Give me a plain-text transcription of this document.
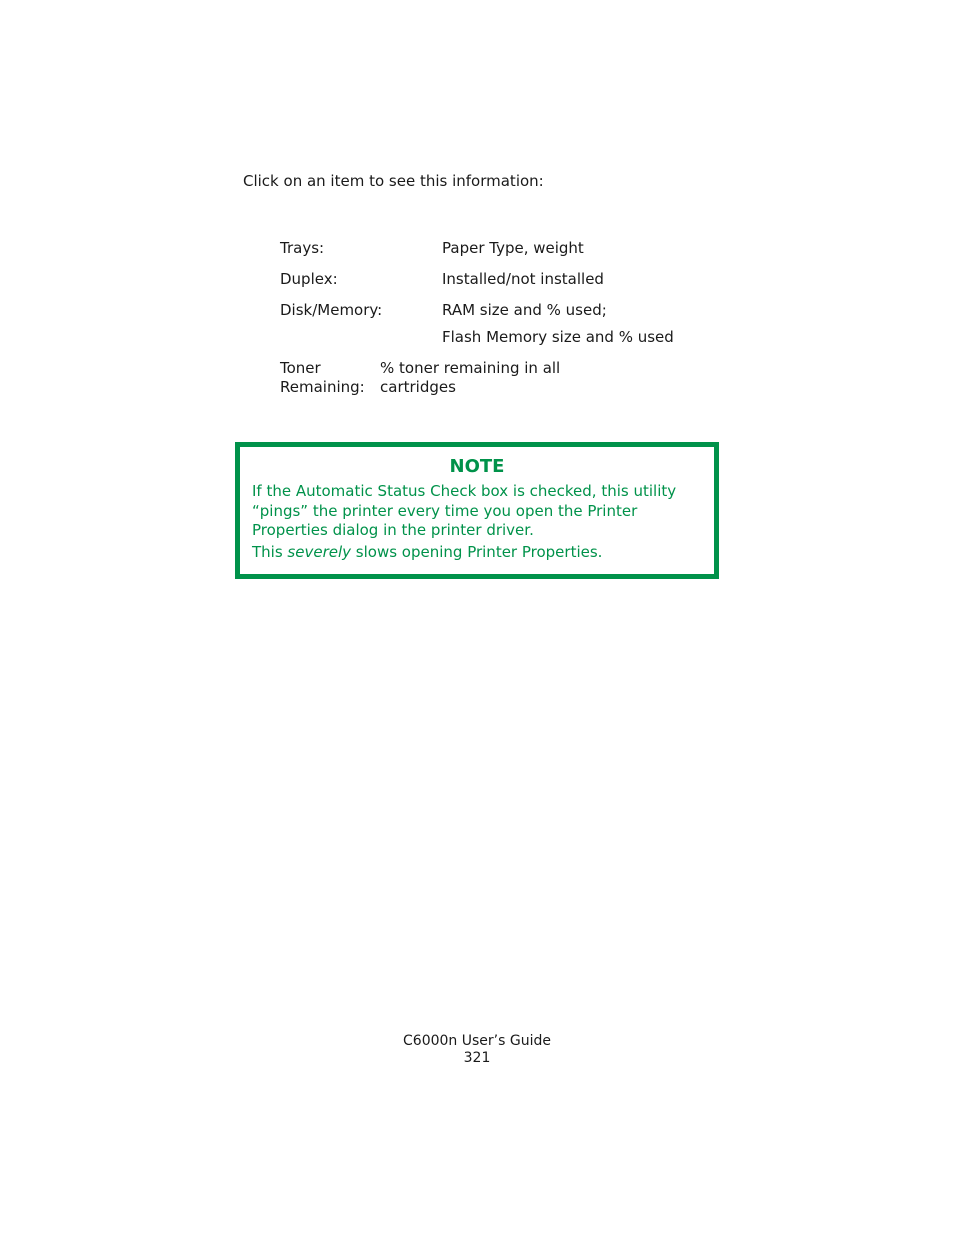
Click on an item to see this information:
Trays:	Paper Type, weight
Duplex:	Installed/not installed
Disk/Memory:	RAM size and % used;
Flash Memory size and % used
Toner Remaining:
% toner remaining in all cartridges
NOTE
If the Automatic Status Check box is checked, this utility “pings” the printer every time you open the Printer Properties dialog in the printer driver.
This severely slows opening Printer Properties.
C6000n User’s Guide
321
